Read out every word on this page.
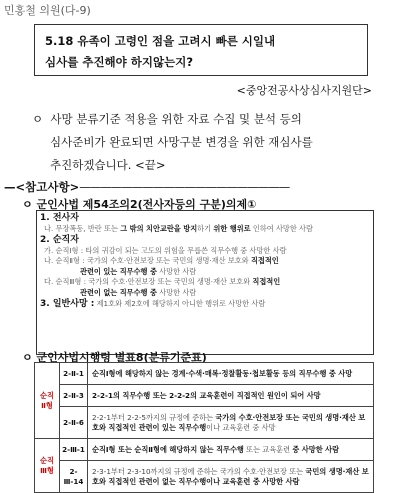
민홍철 의원(다-9)
5.18 유족이 고령인 점을 고려시 빠른 시일내
심사를 추진해야 하지않는지?
<중앙전공사상심사지원단>
ㅇ 사망 분류기준 적용을 위한 자료 수집 및 분석 등의
심사준비가 완료되면 사망구분 변경을 위한 재심사를
추진하겠습니다. <끝>
—<참고사항>————————————————————
ㅇ 군인사법 제54조의2(전사자등의 구분)의제①
1. 전사자
나. 무장폭동, 반란 또는 그 밖의 치안교란을 방지하기 위한 행위로 인하여 사망한 사람
2. 순직자
가. 순직Ⅰ형 : 타의 귀감이 되는 고도의 위험을 무릅쓴 직무수행 중 사망한 사람
나. 순직Ⅱ형 : 국가의 수호·안전보장 또는 국민의 생명·재산 보호와 직접적인
관련이 있는 직무수행 중 사망한 사람
다. 순직Ⅲ형 : 국가의 수호·안전보장 또는 국민의 생명·재산 보호와 직접적인
관련이 없는 직무수행 중 사망한 사람
3. 일반사망 : 제1호와 제2호에 해당하지 아니한 행위로 사망한 사람
ㅇ 군인사법시행령 별표8(분류기준표)
순직
Ⅱ형	2-Ⅱ-1	순직Ⅰ형에 해당하지 않는 경계·수색·매복·정찰활동·첩보활동 등의 직무수행 중 사망
	2-Ⅱ-3	2-2-1의 직무수행 또는 2-2-2의 교육훈련이 직접적인 원인이 되어 사망
	2-Ⅱ-6	2-2-1부터 2-2-5까지의 규정에 준하는 국가의 수호·안전보장 또는 국민의 생명·재산 보호와 직접적인 관련이 있는 직무수행이나 교육훈련 중 사망
순직
Ⅲ형	2-Ⅲ-1	순직Ⅰ형 또는 순직Ⅱ형에 해당하지 않는 직무수행 또는 교육훈련 중 사망한 사람
	2-Ⅲ-14	2-3-1부터 2-3-10까지의 규정에 준하는 국가의 수호·안전보장 또는 국민의 생명·재산 보호와 직접적인 관련이 없는 직무수행이나 교육훈련 중 사망한 사람
